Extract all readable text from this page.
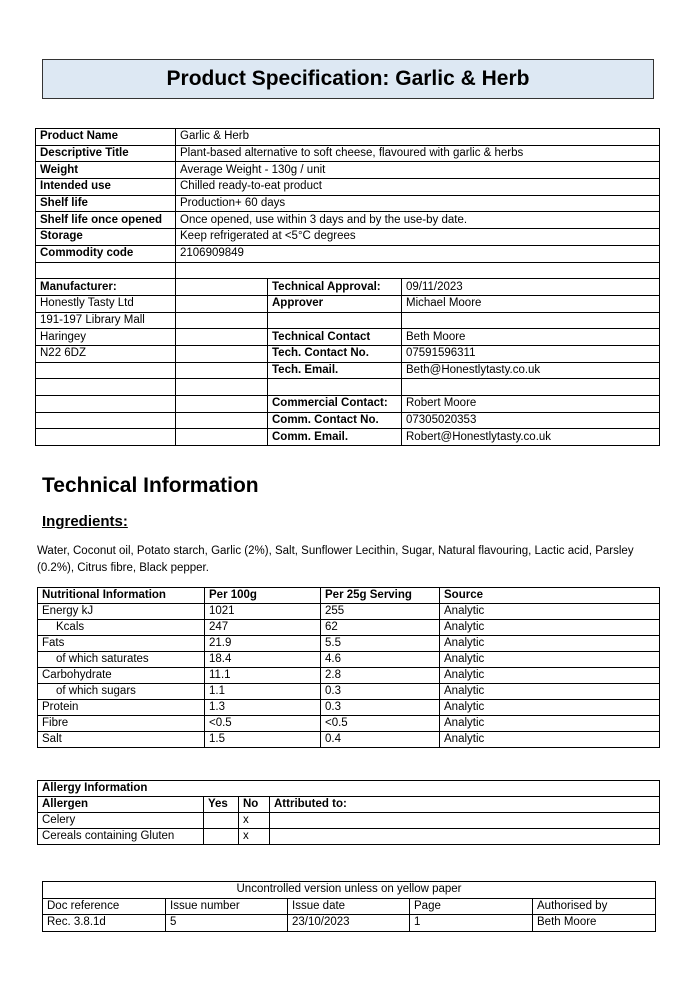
Product Specification: Garlic & Herb
Product Name	Garlic & Herb		
Descriptive Title	Plant-based alternative to soft cheese, flavoured with garlic & herbs		
Weight	Average Weight - 130g / unit		
Intended use	Chilled ready-to-eat product		
Shelf life	Production+ 60 days		
Shelf life once opened	Once opened, use within 3 days and by the use-by date.		
Storage	Keep refrigerated at <5°C degrees		
Commodity code	2106909849		

Manufacturer:		Technical Approval:	09/11/2023
Honestly Tasty Ltd		Approver	Michael Moore
191-197 Library Mall			
Haringey		Technical Contact	Beth Moore
N22 6DZ		Tech. Contact No.	07591596311
		Tech. Email.	Beth@Honestlytasty.co.uk

		Commercial Contact:	Robert Moore
		Comm. Contact No.	07305020353
		Comm. Email.	Robert@Honestlytasty.co.uk
Technical Information
Ingredients:
Water, Coconut oil, Potato starch, Garlic (2%), Salt, Sunflower Lecithin, Sugar, Natural flavouring, Lactic acid, Parsley (0.2%), Citrus fibre, Black pepper.
Nutritional Information	Per 100g	Per 25g Serving	Source
Energy kJ	1021	255	Analytic
Kcals	247	62	Analytic
Fats	21.9	5.5	Analytic
of which saturates	18.4	4.6	Analytic
Carbohydrate	11.1	2.8	Analytic
of which sugars	1.1	0.3	Analytic
Protein	1.3	0.3	Analytic
Fibre	<0.5	<0.5	Analytic
Salt	1.5	0.4	Analytic
Allergy Information			
Allergen	Yes	No	Attributed to:
Celery		x	
Cereals containing Gluten		x	
Uncontrolled version unless on yellow paper				
Doc reference	Issue number	Issue date	Page	Authorised by
Rec. 3.8.1d	5	23/10/2023	1	Beth Moore
